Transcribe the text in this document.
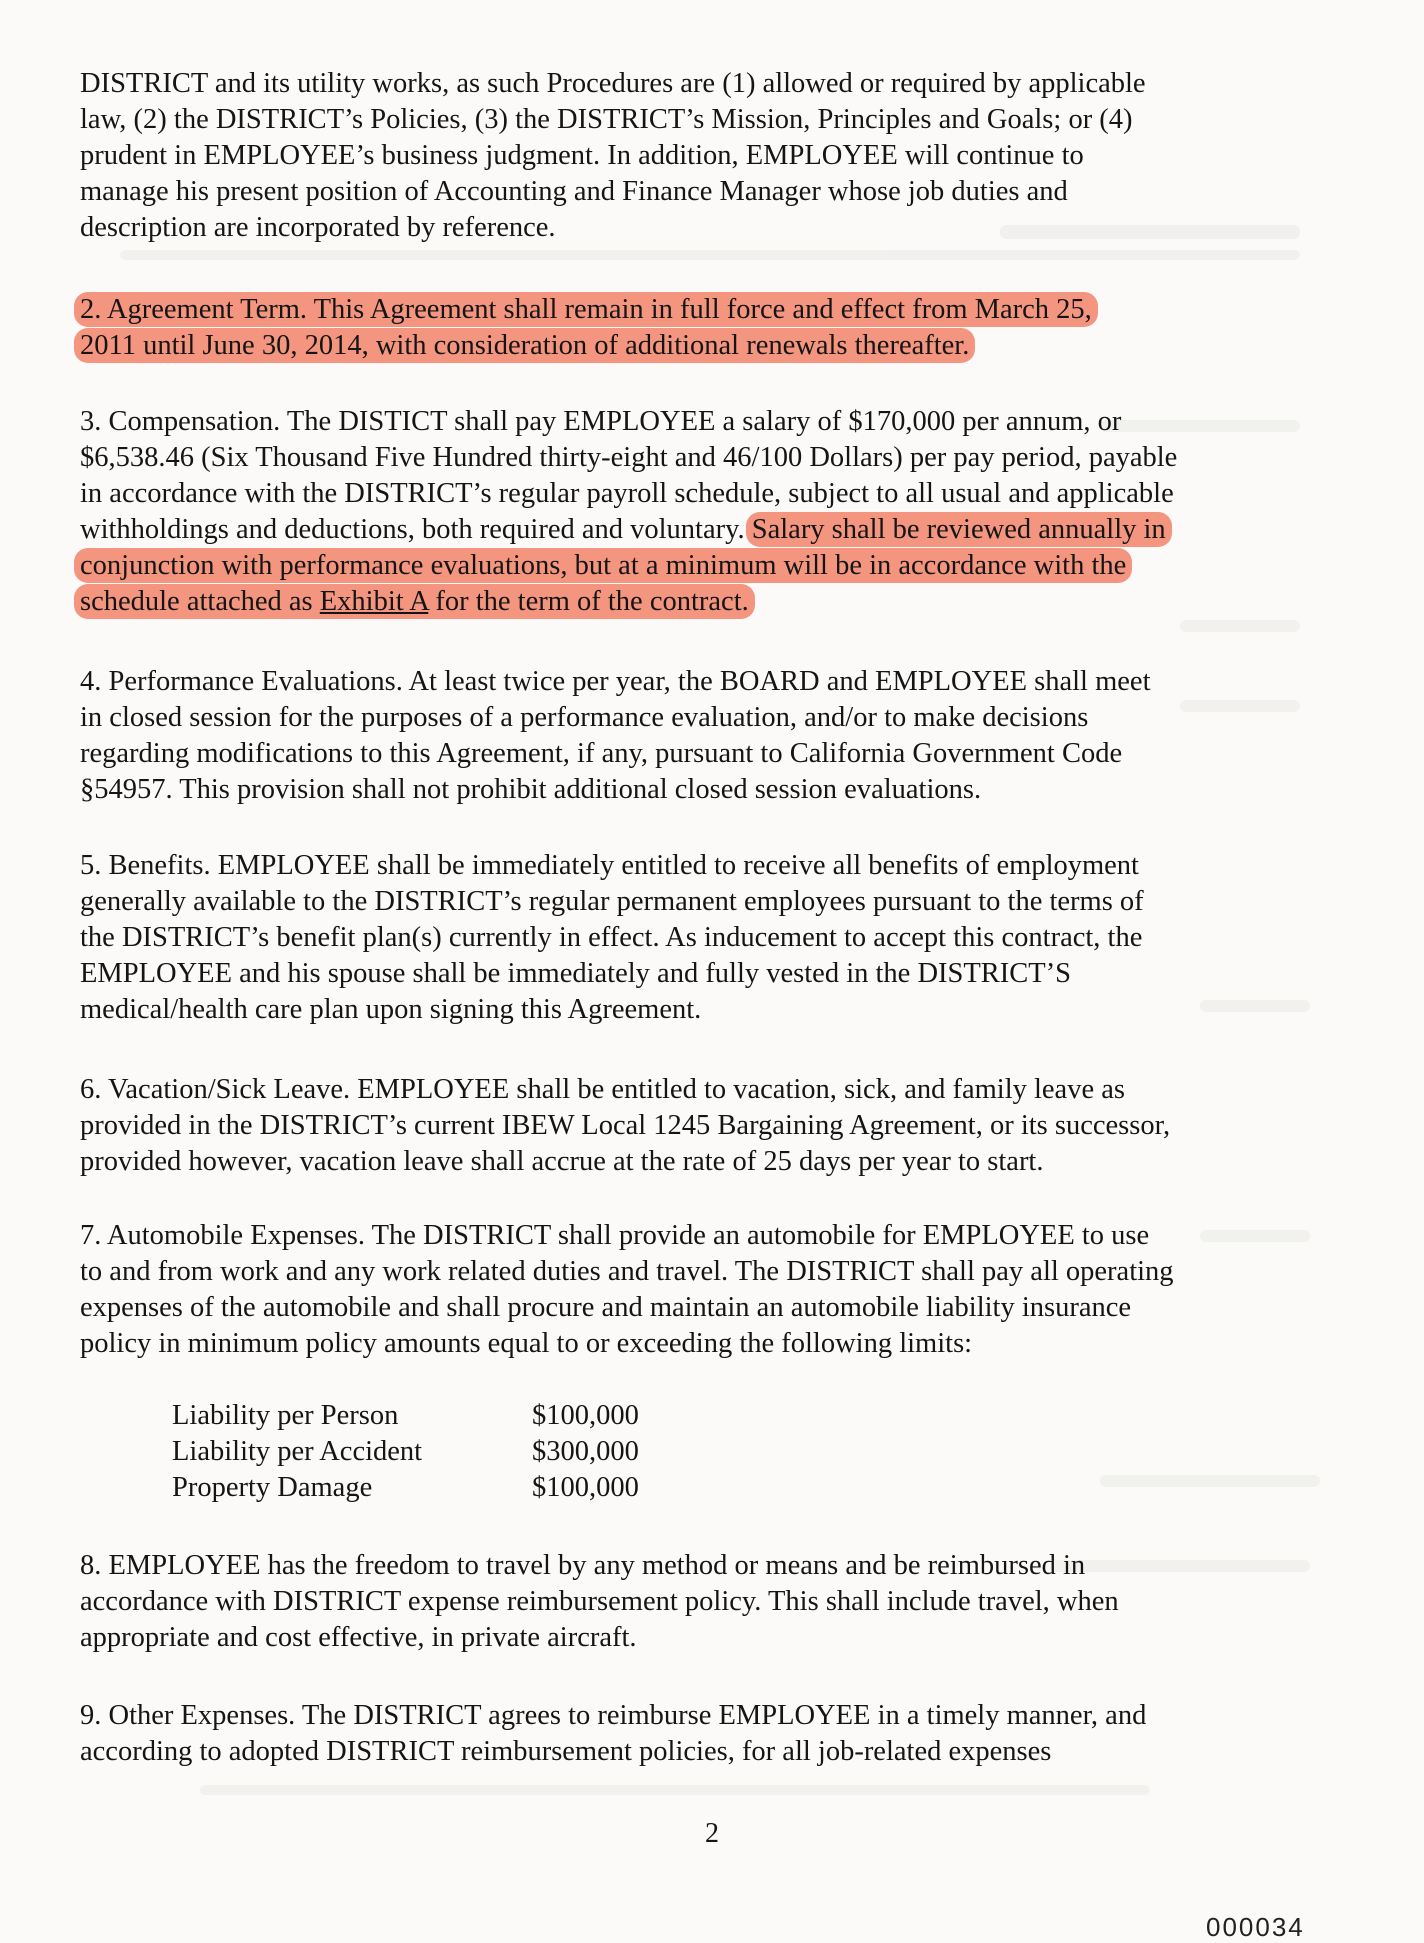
DISTRICT and its utility works, as such Procedures are (1) allowed or required by applicable
law, (2) the DISTRICT’s Policies, (3) the DISTRICT’s Mission, Principles and Goals; or (4)
prudent in EMPLOYEE’s business judgment. In addition, EMPLOYEE will continue to
manage his present position of Accounting and Finance Manager whose job duties and
description are incorporated by reference.
2. Agreement Term. This Agreement shall remain in full force and effect from March 25,
2011 until June 30, 2014, with consideration of additional renewals thereafter.
3. Compensation. The DISTICT shall pay EMPLOYEE a salary of $170,000 per annum, or
$6,538.46 (Six Thousand Five Hundred thirty-eight and 46/100 Dollars) per pay period, payable
in accordance with the DISTRICT’s regular payroll schedule, subject to all usual and applicable
withholdings and deductions, both required and voluntary. Salary shall be reviewed annually in
conjunction with performance evaluations, but at a minimum will be in accordance with the
schedule attached as Exhibit A for the term of the contract.
4. Performance Evaluations. At least twice per year, the BOARD and EMPLOYEE shall meet
in closed session for the purposes of a performance evaluation, and/or to make decisions
regarding modifications to this Agreement, if any, pursuant to California Government Code
§54957. This provision shall not prohibit additional closed session evaluations.
5. Benefits. EMPLOYEE shall be immediately entitled to receive all benefits of employment
generally available to the DISTRICT’s regular permanent employees pursuant to the terms of
the DISTRICT’s benefit plan(s) currently in effect. As inducement to accept this contract, the
EMPLOYEE and his spouse shall be immediately and fully vested in the DISTRICT’S
medical/health care plan upon signing this Agreement.
6. Vacation/Sick Leave. EMPLOYEE shall be entitled to vacation, sick, and family leave as
provided in the DISTRICT’s current IBEW Local 1245 Bargaining Agreement, or its successor,
provided however, vacation leave shall accrue at the rate of 25 days per year to start.
7. Automobile Expenses. The DISTRICT shall provide an automobile for EMPLOYEE to use
to and from work and any work related duties and travel. The DISTRICT shall pay all operating
expenses of the automobile and shall procure and maintain an automobile liability insurance
policy in minimum policy amounts equal to or exceeding the following limits:
Liability per Person	$100,000
Liability per Accident	$300,000
Property Damage	$100,000
8. EMPLOYEE has the freedom to travel by any method or means and be reimbursed in
accordance with DISTRICT expense reimbursement policy. This shall include travel, when
appropriate and cost effective, in private aircraft.
9. Other Expenses. The DISTRICT agrees to reimburse EMPLOYEE in a timely manner, and
according to adopted DISTRICT reimbursement policies, for all job-related expenses
2
000034
